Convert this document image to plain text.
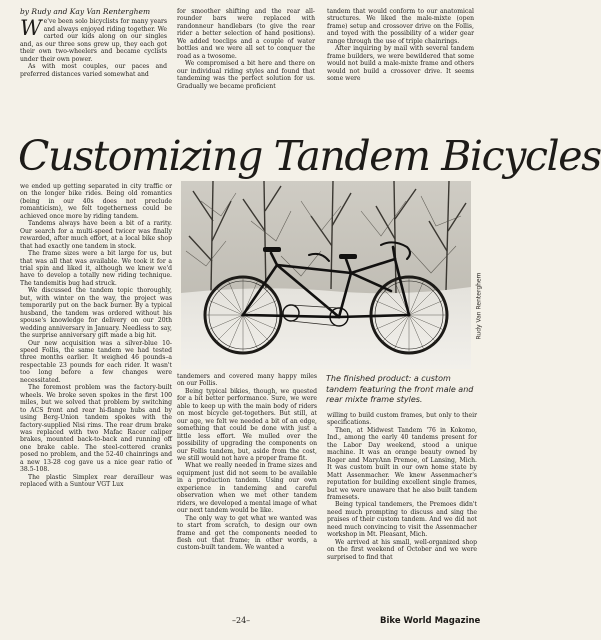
by Rudy and Kay Van Renterghem
W e've been solo bicyclists for many years and always enjoyed riding together. We carted our kids along on our singles and, as our three sons grew up, they each got their own two-wheelers and became cyclists under their own power.

As with most couples, our paces and preferred distances varied somewhat and

for smoother shifting and the rear all-rounder bars were replaced with randonneur handlebars (to give the rear rider a better selection of hand positions). We added toeclips and a couple of water bottles and we were all set to conquer the road as a twosome.

We compromised a bit here and there on our individual riding styles and found that tandeming was the perfect solution for us. Gradually we became proficient

tandem that would conform to our anatomical structures. We liked the male-mixte (open frame) setup and crossover drive on the Follis, and toyed with the possibility of a wider gear range through the use of triple chainrings.

After inquiring by mail with several tandem frame builders, we were bewildered that some would not build a male-mixte frame and others would not build a crossover drive. It seems some were

Customizing Tandem Bicycles
Rudy Van Renterghem

we ended up getting separated in city traffic or on the longer bike rides. Being old romantics (being in our 40s does not preclude romanticism), we felt togetherness could be achieved once more by riding tandem.

Tandems always have been a bit of a rarity. Our search for a multi-speed twicer was finally rewarded, after much effort, at a local bike shop that had exactly one tandem in stock.

The frame sizes were a bit large for us, but that was all that was available. We took it for a trial spin and liked it, although we knew we'd have to develop a totally new riding technique. The tandemitis bug had struck.

We discussed the tandem topic thoroughly, but, with winter on the way, the project was temporarily put on the back burner. By a typical husband, the tandem was ordered without his spouse's knowledge for delivery on our 20th wedding anniversary in January. Needless to say, the surprise anniversary gift made a big hit.

Our new acquisition was a silver-blue 10-speed Follis, the same tandem we had tested three months earlier. It weighed 46 pounds–a respectable 23 pounds for each rider. It wasn't too long before a few changes were necessitated.

The foremost problem was the factory-built wheels. We broke seven spokes in the first 100 miles, but we solved that problem by switching to ACS front and rear hi-flange hubs and by using Berg-Union tandem spokes with the factory-supplied Nisi rims. The rear drum brake was replaced with two Mafac Racer caliper brakes, mounted back-to-back and running off one brake cable. The steel-cottered cranks posed no problem, and the 52-40 chainrings and a new 13-28 cog gave us a nice gear ratio of 38.5-108.

The plastic Simplex rear derailleur was replaced with a Suntour VGT Lux

tandemers and covered many happy miles on our Follis.

Being typical bikies, though, we quested for a bit better performance. Sure, we were able to keep up with the main body of riders on most bicycle get-togethers. But still, at our age, we felt we needed a bit of an edge, something that could be done with just a little less effort. We mulled over the possibility of upgrading the components on our Follis tandem, but, aside from the cost, we still would not have a proper frame fit.

What we really needed in frame sizes and equipment just did not seem to be available in a production tandem. Using our own experience in tandeming and careful observation when we met other tandem riders, we developed a mental image of what our next tandem would be like.

The only way to get what we wanted was to start from scratch, to design our own frame and get the components needed to flesh out that frame; in other words, a custom-built tandem. We wanted a

The finished product: a custom tandem featuring the front male and rear mixte frame styles.

willing to build custom frames, but only to their specifications.

Then, at Midwest Tandem '76 in Kokomo, Ind., among the early 40 tandems present for the Labor Day weekend, stood a unique machine. It was an orange beauty owned by Roger and MaryAnn Premoe, of Lansing, Mich. It was custom built in our own home state by Matt Assenmacher. We knew Assenmacher's reputation for building excellent single frames, but we were unaware that he also built tandem framesets.

Being typical tandemers, the Premoes didn't need much prompting to discuss and sing the praises of their custom tandem. And we did not need much convincing to visit the Assenmacher workshop in Mt. Pleasant, Mich.

We arrived at his small, well-organized shop on the first weekend of October and we were surprised to find that

–24–	Bike World Magazine
